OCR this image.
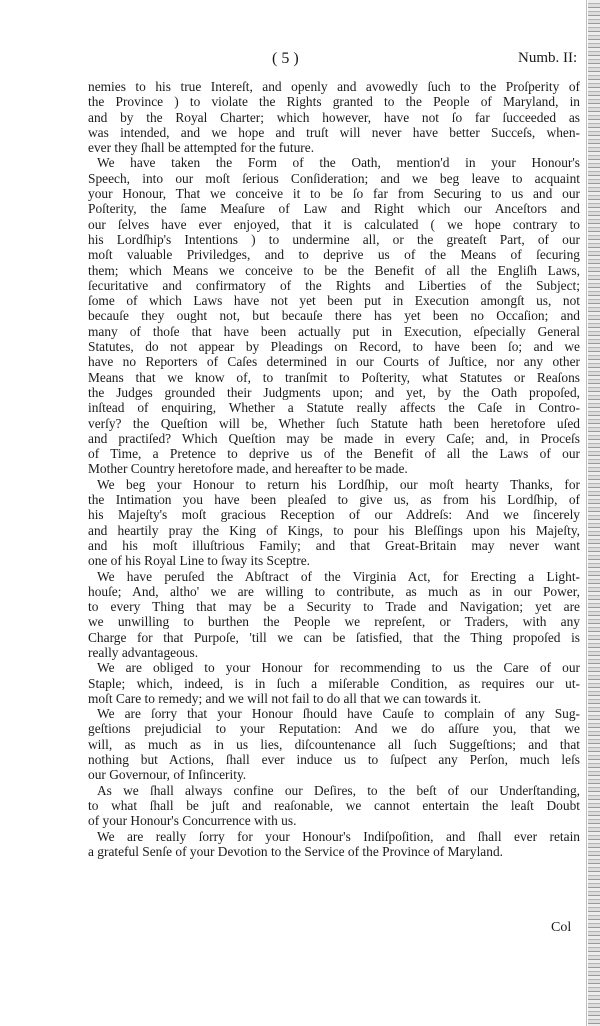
( 5 )	Numb. II:
nemies to his true Intereſt, and openly and avowedly ſuch to the Proſperity of
the Province ) to violate the Rights granted to the People of Maryland, in
and by the Royal Charter; which however, have not ſo far ſucceeded as
was intended, and we hope and truſt will never have better Succeſs, when-
ever they ſhall be attempted for the future.
We have taken the Form of the Oath, mention'd in your Honour's
Speech, into our moſt ſerious Conſideration; and we beg leave to acquaint
your Honour, That we conceive it to be ſo far from Securing to us and our
Poſterity, the ſame Meaſure of Law and Right which our Anceſtors and
our ſelves have ever enjoyed, that it is calculated ( we hope contrary to
his Lordſhip's Intentions ) to undermine all, or the greateſt Part, of our
moſt valuable Priviledges, and to deprive us of the Means of ſecuring
them; which Means we conceive to be the Benefit of all the Engliſh Laws,
ſecuritative and confirmatory of the Rights and Liberties of the Subject;
ſome of which Laws have not yet been put in Execution amongſt us, not
becauſe they ought not, but becauſe there has yet been no Occaſion; and
many of thoſe that have been actually put in Execution, eſpecially General
Statutes, do not appear by Pleadings on Record, to have been ſo; and we
have no Reporters of Caſes determined in our Courts of Juſtice, nor any other
Means that we know of, to tranſmit to Poſterity, what Statutes or Reaſons
the Judges grounded their Judgments upon; and yet, by the Oath propoſed,
inſtead of enquiring, Whether a Statute really affects the Caſe in Contro-
verſy? the Queſtion will be, Whether ſuch Statute hath been heretofore uſed
and practiſed? Which Queſtion may be made in every Caſe; and, in Proceſs
of Time, a Pretence to deprive us of the Benefit of all the Laws of our
Mother Country heretofore made, and hereafter to be made.
We beg your Honour to return his Lordſhip, our moſt hearty Thanks, for
the Intimation you have been pleaſed to give us, as from his Lordſhip, of
his Majeſty's moſt gracious Reception of our Addreſs: And we ſincerely
and heartily pray the King of Kings, to pour his Bleſſings upon his Majeſty,
and his moſt illuſtrious Family; and that Great-Britain may never want
one of his Royal Line to ſway its Sceptre.
We have peruſed the Abſtract of the Virginia Act, for Erecting a Light-
houſe; And, altho' we are willing to contribute, as much as in our Power,
to every Thing that may be a Security to Trade and Navigation; yet are
we unwilling to burthen the People we repreſent, or Traders, with any
Charge for that Purpoſe, 'till we can be ſatisfied, that the Thing propoſed is
really advantageous.
We are obliged to your Honour for recommending to us the Care of our
Staple; which, indeed, is in ſuch a miſerable Condition, as requires our ut-
moſt Care to remedy; and we will not fail to do all that we can towards it.
We are ſorry that your Honour ſhould have Cauſe to complain of any Sug-
geſtions prejudicial to your Reputation: And we do aſſure you, that we
will, as much as in us lies, diſcountenance all ſuch Suggeſtions; and that
nothing but Actions, ſhall ever induce us to ſuſpect any Perſon, much leſs
our Governour, of Inſincerity.
As we ſhall always confine our Deſires, to the beſt of our Underſtanding,
to what ſhall be juſt and reaſonable, we cannot entertain the leaſt Doubt
of your Honour's Concurrence with us.
We are really ſorry for your Honour's Indiſpoſition, and ſhall ever retain
a grateful Senſe of your Devotion to the Service of the Province of Maryland.
Col
